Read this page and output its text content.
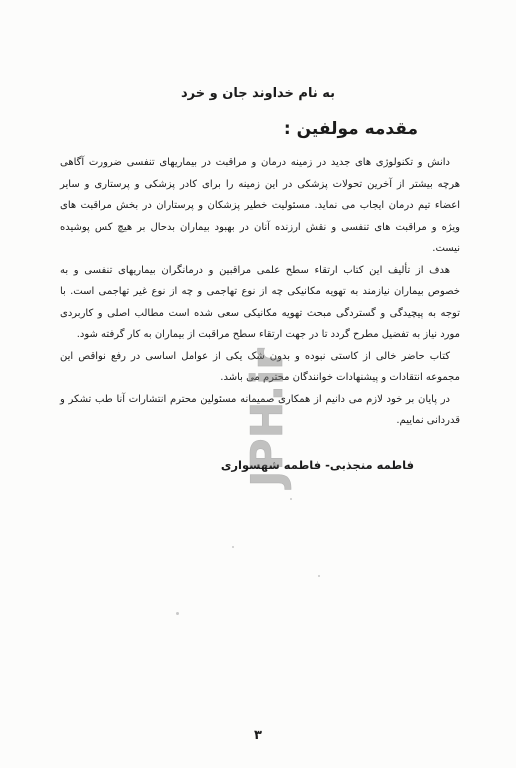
به نام خداوند جان و خرد
مقدمه مولفین :

دانش و تکنولوژی های جدید در زمینه درمان و مراقبت در بیماریهای تنفسی ضرورت آگاهی هرچه بیشتر از آخرین تحولات پزشکی در این زمینه را برای کادر پزشکی و پرستاری و سایر اعضاء تیم درمان ایجاب می نماید. مسئولیت خطیر پزشکان و پرستاران در بخش مراقبت های ویژه و مراقبت های تنفسی و نقش ارزنده آنان در بهبود بیماران بدحال بر هیچ کس پوشیده نیست.

هدف از تألیف این کتاب ارتقاء سطح علمی مراقبین و درمانگران بیماریهای تنفسی و به خصوص بیماران نیازمند به تهویه مکانیکی چه از نوع تهاجمی و چه از نوع غیر تهاجمی است. با توجه به پیچیدگی و گستردگی مبحث تهویه مکانیکی سعی شده است مطالب اصلی و کاربردی مورد نیاز به تفضیل مطرح گردد تا در جهت ارتقاء سطح مراقبت از بیماران به کار گرفته شود.

کتاب حاضر خالی از کاستی نبوده و بدون شک یکی از عوامل اساسی در رفع نواقص این مجموعه انتقادات و پیشنهادات خوانندگان محترم می باشد.

در پایان بر خود لازم می دانیم از همکاری صمیمانه مسئولین محترم انتشارات آنا طب تشکر و قدردانی نماییم.

فاطمه منجذبی- فاطمه شهسواری
JPH.ir
۳
